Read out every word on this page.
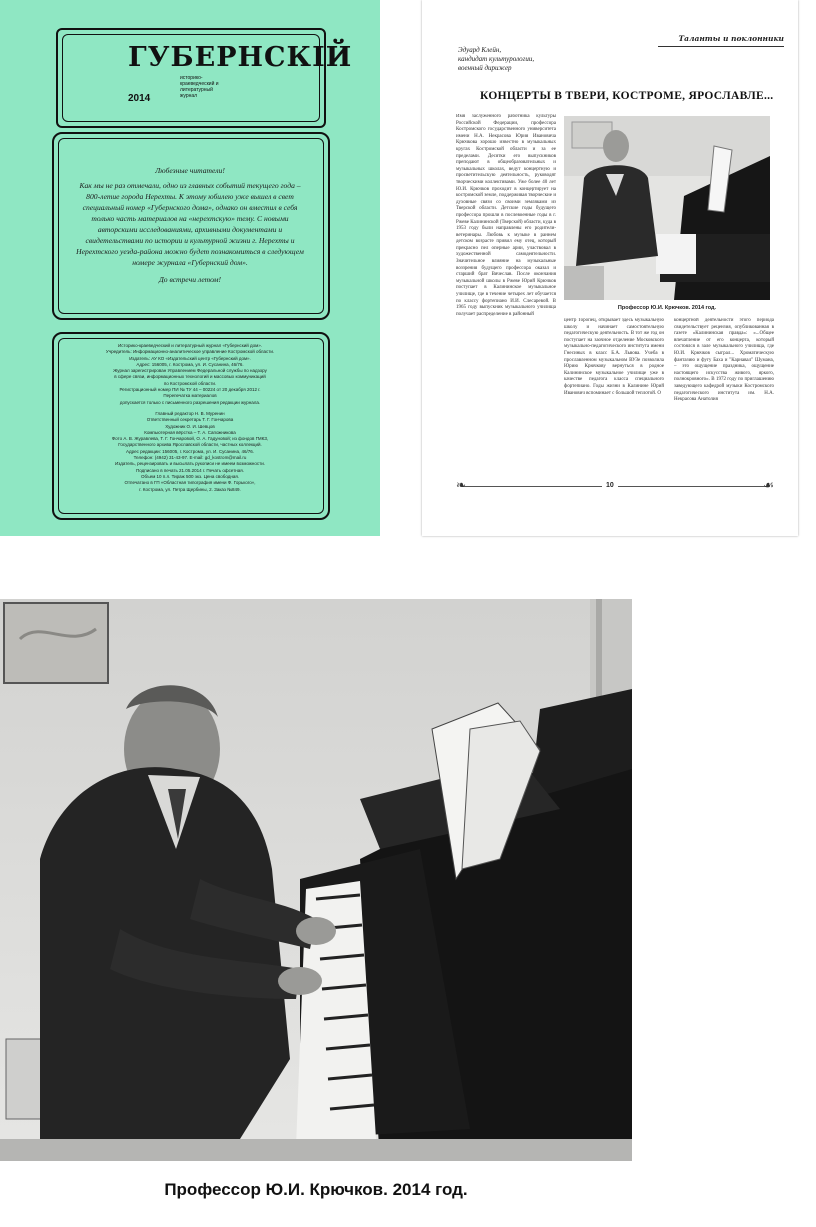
ГУБЕРНСКIЙ
историко-краеведческий и литературный журнал
2014
Любезные читатели!
Как мы не раз отмечали, одно из главных событий текущего года – 800-летие города Нерехты. К этому юбилею уже вышел в свет специальный номер «Губернского дома», однако он вместил в себя только часть материалов на «нерехтскую» тему. С новыми авторскими исследованиями, архивными документами и свидетельствами по истории и культурной жизни г. Нерехты и Нерехтского уезда-района можно будет познакомиться в следующем номере журнала «Губернский дом».
До встречи летом!
Историко-краеведческий и литературный журнал «Губернский дом».
Учредитель: Информационно-аналитическое управление Костромской области.
Издатель: АУ КО «Издательский центр «Губернский дом».
Адрес: 156005, г. Кострома, ул. И. Сусанина, 46/76.
Журнал зарегистрирован Управлением Федеральной службы по надзору
в сфере связи, информационных технологий и массовых коммуникаций
по Костромской области.
Регистрационный номер ПИ № ТУ 44 – 00224 от 20 декабря 2012 г.
Перепечатка материалов
допускается только с письменного разрешения редакции журнала.
Главный редактор Н. В. Муренин
Ответственный секретарь Т. Г. Гончарова
Художник О. И. Шевцов
Компьютерная вёрстка – Т. А. Сапожникова
Фото А. В. Журавлева, Т. Г. Гончаровой, О. А. Гадуновой; из фондов ГМКЗ,
Государственного архива Ярославской области, частных коллекций.
Адрес редакции: 156005, г. Кострома, ул. И. Сусанина, 46/76.
Телефон: (4942) 31-43-97. E-mail: gd_kostrom@mail.ru
Издатель, рецензировать и высылать рукописи не имеем возможности.
Подписано в печать 21.05.2014 г. Печать офсетная.
Объем 10 п.л. Тираж 500 экз. Цена свободная.
Отпечатано в ГП «Областная типография имени Ф. Горького»,
г. Кострома, ул. Петра Щербины, 2. Заказ №849.
Таланты и поклонники
Эдуард Клейн,
кандидат культурологии,
военный дирижер
КОНЦЕРТЫ В ТВЕРИ, КОСТРОМЕ, ЯРОСЛАВЛЕ...
Имя заслуженного работника культуры Российской Федерации, профессора Костромского государственного университета имени Н.А. Некрасова Юрия Ивановича Крючкова хорошо известно в музыкальных кругах Костромской области и за ее пределами. Десятки его выпускников преподают в общеобразовательных и музыкальных школах, ведут концертную и просветительскую деятельность, руководят творческими коллективами. Уже более 40 лет Ю.И. Крючков проходит в концертирует на костромской земле, поддерживая творческие и духовные связи со своими земляками из Тверской области. Детские годы будущего профессора прошли в послевоенные годы в г. Ржеве Калининской (Тверской) области, куда в 1953 году были направлены его родители-ветеринары. Любовь к музыке в раннем детском возрасте привил ему отец, который прекрасно пел оперные арии, участвовал в художественной самодеятельности. Значительное влияние на музыкальные воззрения будущего профессора оказал и старший брат Вячеслав. После окончания музыкальной школы в Ржеве Юрий Крючков поступает в Калининское музыкальное училище, где в течение четырех лет обучается по классу фортепиано И.И. Слесаревой. В 1965 году выпускник музыкального училища получает распределение в районный
Профессор Ю.И. Крючков. 2014 год.
центр Торопец, открывает здесь музыкальную школу и начинает самостоятельную педагогическую деятельность. В тот же год он поступает на заочное отделение Московского музыкально-педагогического института имени Гнесиных в класс Б.А. Львова. Учеба в прославленном музыкальном ВУЗе позволила Юрию Крючкову вернуться в родное Калининское музыкальное училище уже в качестве педагога класса специального фортепиано. Годы жизни в Калинине Юрий Иванович вспоминает с большой теплотой. О
концертной деятельности этого периода свидетельствует рецензия, опубликованная в газете «Калининская правда»: «...Общее впечатление от его концерта, который состоялся в зале музыкального училища, где Ю.И. Крючков сыграл... Хроматическую фантазию и фугу Баха и "Карнавал" Шумана, – это ощущение праздника, ощущение настоящего искусства живого, яркого, полнокровного». В 1972 году по приглашению заведующего кафедрой музыки Костромского педагогического института им. Н.А. Некрасова Анатолия
❧	☙
10
Профессор Ю.И. Крючков. 2014 год.
